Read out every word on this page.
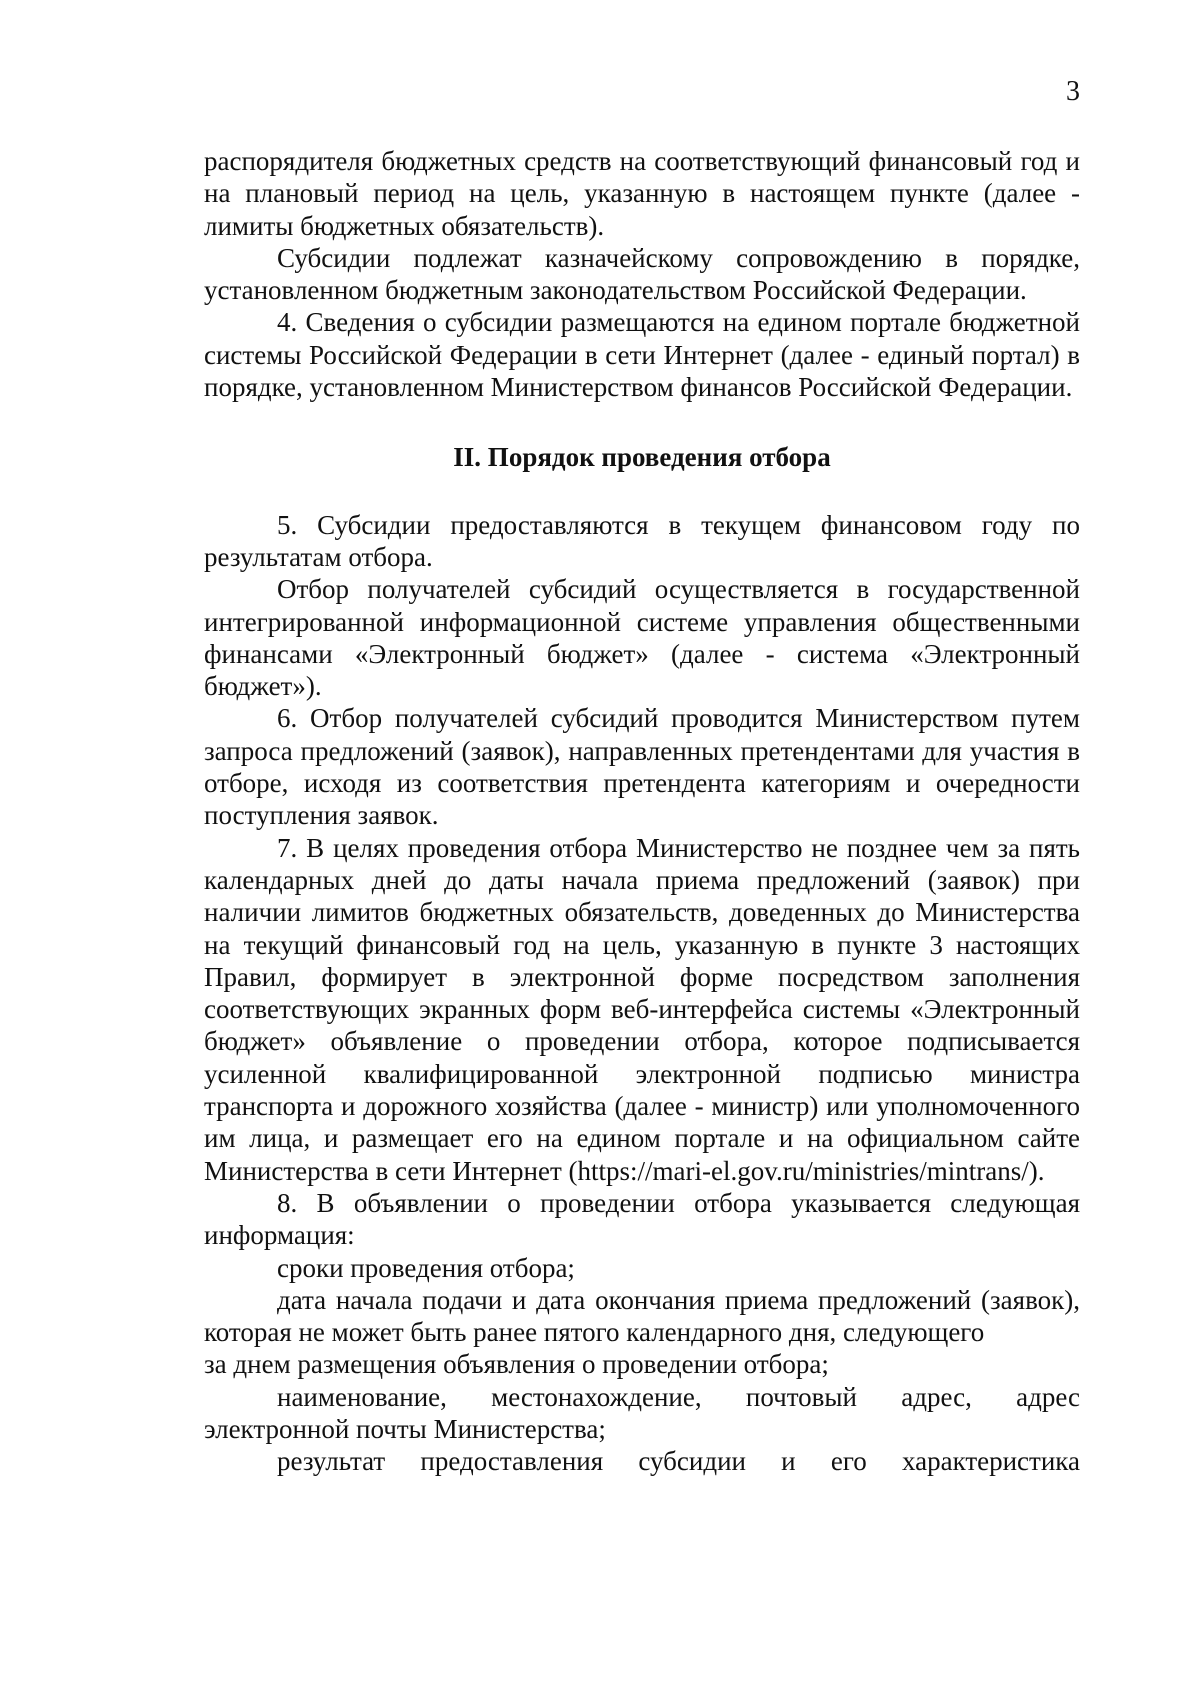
3

распорядителя бюджетных средств на соответствующий финансовый год и на плановый период на цель, указанную в настоящем пункте (далее - лимиты бюджетных обязательств).

Субсидии подлежат казначейскому сопровождению в порядке, установленном бюджетным законодательством Российской Федерации.

4. Сведения о субсидии размещаются на едином портале бюджетной системы Российской Федерации в сети Интернет (далее - единый портал) в порядке, установленном Министерством финансов Российской Федерации.

II. Порядок проведения отбора

5. Субсидии предоставляются в текущем финансовом году по результатам отбора.

Отбор получателей субсидий осуществляется в государственной интегрированной информационной системе управления общественными финансами «Электронный бюджет» (далее - система «Электронный бюджет»).

6. Отбор получателей субсидий проводится Министерством путем запроса предложений (заявок), направленных претендентами для участия в отборе, исходя из соответствия претендента категориям и очередности поступления заявок.

7. В целях проведения отбора Министерство не позднее чем за пять календарных дней до даты начала приема предложений (заявок) при наличии лимитов бюджетных обязательств, доведенных до Министерства на текущий финансовый год на цель, указанную в пункте 3 настоящих Правил, формирует в электронной форме посредством заполнения соответствующих экранных форм веб-интерфейса системы «Электронный бюджет» объявление о проведении отбора, которое подписывается усиленной квалифицированной электронной подписью министра транспорта и дорожного хозяйства (далее - министр) или уполномоченного им лица, и размещает его на едином портале и на официальном сайте Министерства в сети Интернет (https://mari-el.gov.ru/ministries/mintrans/).

8. В объявлении о проведении отбора указывается следующая информация:

сроки проведения отбора;

дата начала подачи и дата окончания приема предложений (заявок), которая не может быть ранее пятого календарного дня, следующего

за днем размещения объявления о проведении отбора;

наименование, местонахождение, почтовый адрес, адрес электронной почты Министерства;

результат предоставления субсидии и его характеристика
